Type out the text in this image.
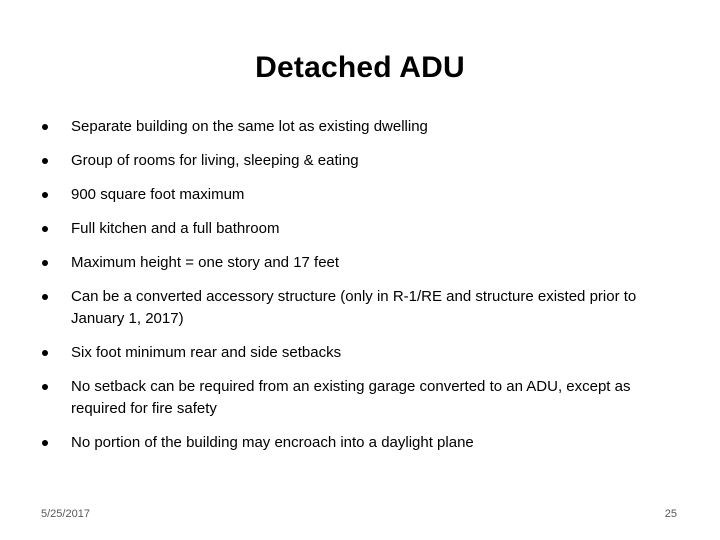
Detached ADU
Separate building on the same lot as existing dwelling
Group of rooms for living, sleeping & eating
900 square foot maximum
Full kitchen and a full bathroom
Maximum height = one story and 17 feet
Can be a converted accessory structure (only in R-1/RE and structure existed prior to January 1, 2017)
Six foot minimum rear and side setbacks
No setback can be required from an existing garage converted to an ADU, except as required for fire safety
No portion of the building may encroach into a daylight plane
5/25/2017	25
